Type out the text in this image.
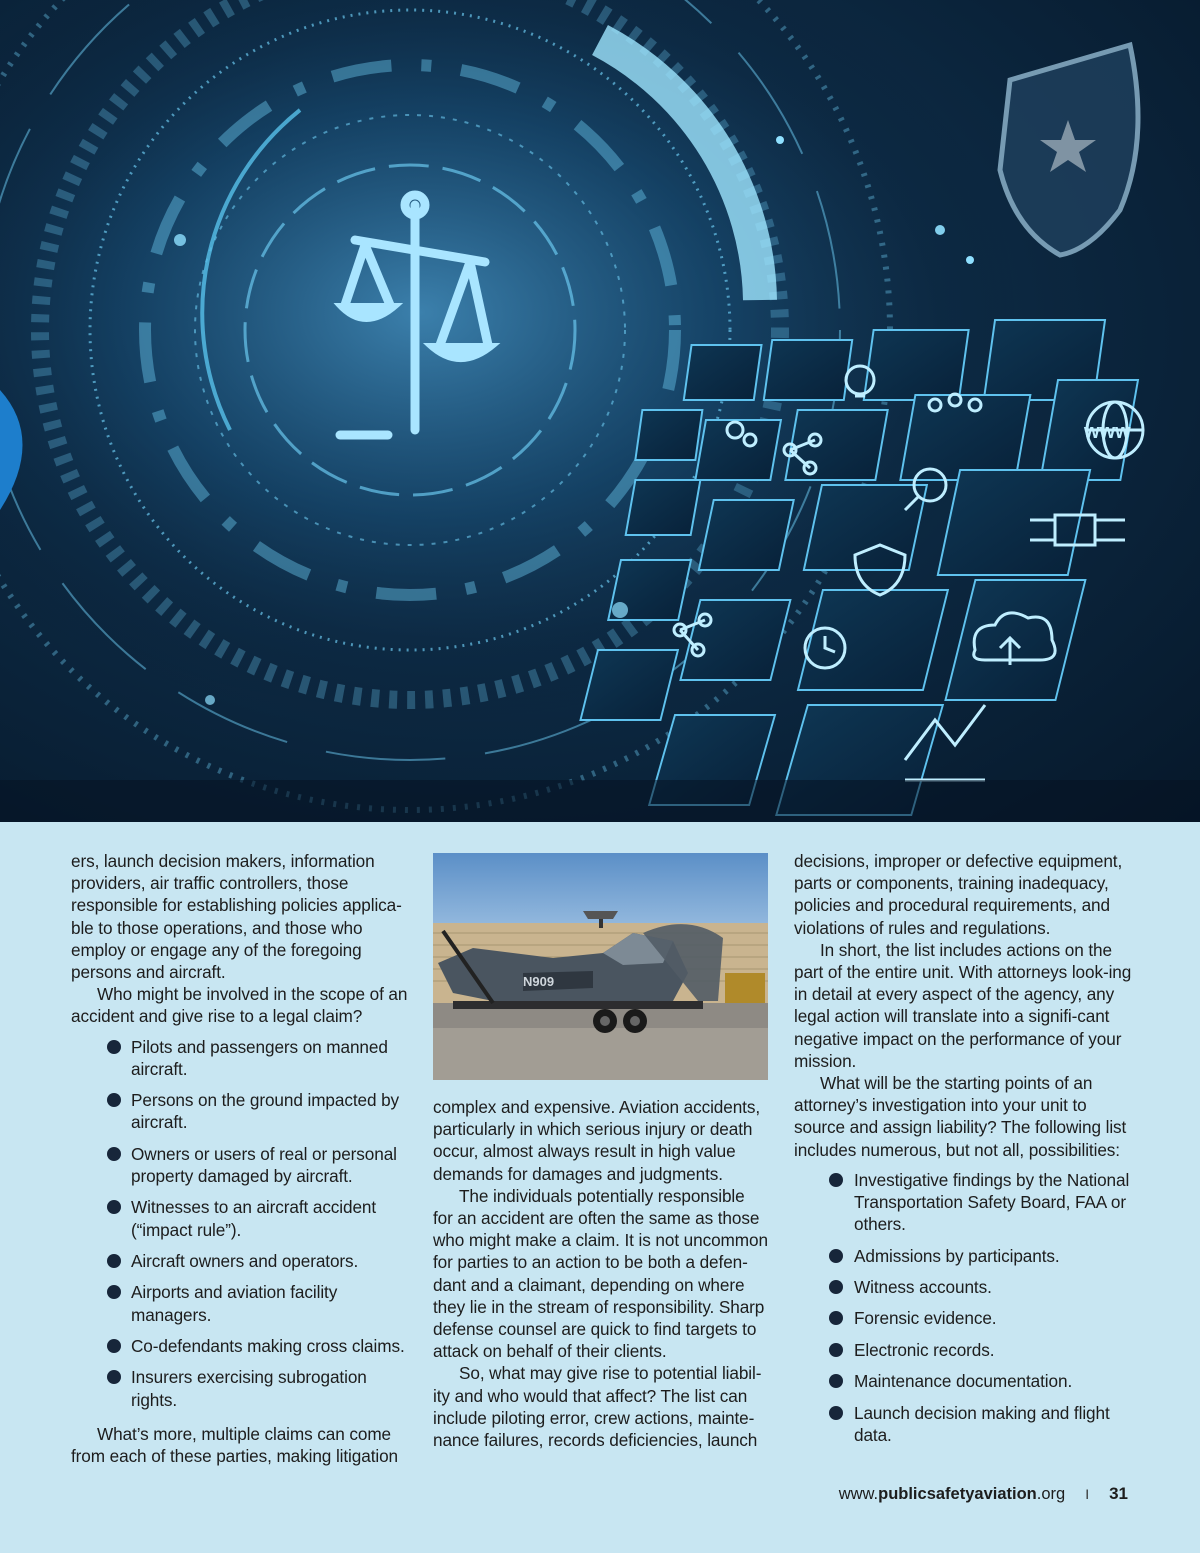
www

ers, launch decision makers, information providers, air traffic controllers, those responsible for establishing policies applica-ble to those operations, and those who employ or engage any of the foregoing persons and aircraft.

Who might be involved in the scope of an accident and give rise to a legal claim?

Pilots and passengers on manned aircraft.
Persons on the ground impacted by aircraft.
Owners or users of real or personal property damaged by aircraft.
Witnesses to an aircraft accident (“impact rule”).
Aircraft owners and operators.
Airports and aviation facility managers.
Co-defendants making cross claims.
Insurers exercising subrogation rights.

What’s more, multiple claims can come from each of these parties, making litigation

N909

complex and expensive. Aviation accidents, particularly in which serious injury or death occur, almost always result in high value demands for damages and judgments.

The individuals potentially responsible for an accident are often the same as those who might make a claim. It is not uncommon for parties to an action to be both a defen-dant and a claimant, depending on where they lie in the stream of responsibility. Sharp defense counsel are quick to find targets to attack on behalf of their clients.

So, what may give rise to potential liabil-ity and who would that affect? The list can include piloting error, crew actions, mainte-nance failures, records deficiencies, launch

decisions, improper or defective equipment, parts or components, training inadequacy, policies and procedural requirements, and violations of rules and regulations.

In short, the list includes actions on the part of the entire unit. With attorneys look-ing in detail at every aspect of the agency, any legal action will translate into a signifi-cant negative impact on the performance of your mission.

What will be the starting points of an attorney’s investigation into your unit to source and assign liability? The following list includes numerous, but not all, possibilities:

Investigative findings by the National Transportation Safety Board, FAA or others.
Admissions by participants.
Witness accounts.
Forensic evidence.
Electronic records.
Maintenance documentation.
Launch decision making and flight data.
www.publicsafetyaviation.org I 31
